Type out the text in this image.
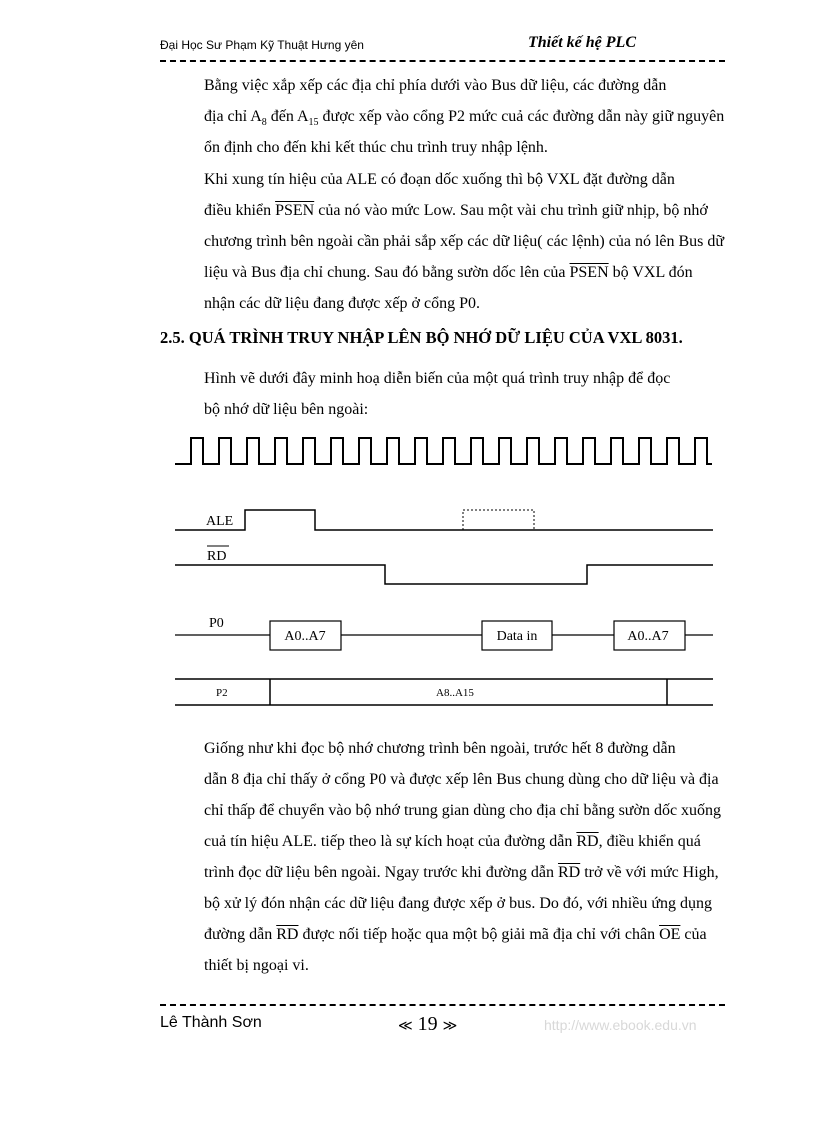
Đại Học Sư Phạm Kỹ Thuật Hưng yên	Thiết kế hệ PLC

Bằng việc xắp xếp các địa chỉ phía dưới vào Bus dữ liệu, các đường dẫn
địa chỉ $A_8$ đến $A_{15}$ được xếp vào cổng P2 mức cuả các đường dẫn này giữ nguyên
ổn định cho đến khi kết thúc chu trình truy nhập lệnh.

Khi xung tín hiệu của ALE có đoạn dốc xuống thì bộ VXL đặt đường dẫn
điều khiển PSEN của nó vào mức Low. Sau một vài chu trình giữ nhịp, bộ nhớ
chương trình bên ngoài cần phải sắp xếp các dữ liệu( các lệnh) của nó lên Bus dữ
liệu và Bus địa chỉ chung. Sau đó bằng sườn dốc lên của PSEN bộ VXL đón
nhận các dữ liệu đang được xếp ở cổng P0.

2.5. QUÁ TRÌNH TRUY NHẬP LÊN BỘ NHỚ DỮ LIỆU CỦA VXL 8031.

Hình vẽ dưới đây minh hoạ diễn biến của một quá trình truy nhập để đọc
bộ nhớ dữ liệu bên ngoài:

ALE
RD
P0
A0..A7	Data in	A0..A7
P2	A8..A15

Giống như khi đọc bộ nhớ chương trình bên ngoài, trước hết 8 đường dẫn
dẫn 8 địa chỉ thấy ở cổng P0 và được xếp lên Bus chung dùng cho dữ liệu và địa
chỉ thấp để chuyển vào bộ nhớ trung gian dùng cho địa chỉ bằng sườn dốc xuống
cuả tín hiệu ALE. tiếp theo là sự kích hoạt của đường dẫn $\overline{RD}$, điều khiển quá
trình đọc dữ liệu bên ngoài. Ngay trước khi đường dẫn $\overline{RD}$ trở về với mức High,
bộ xử lý đón nhận các dữ liệu đang được xếp ở bus. Do đó, với nhiều ứng dụng
đường dẫn $\overline{RD}$ được nối tiếp hoặc qua một bộ giải mã địa chỉ với chân $\overline{OE}$ của
thiết bị ngoại vi.

Lê Thành Sơn	≪ 19 ≫	http://www.ebook.edu.vn
